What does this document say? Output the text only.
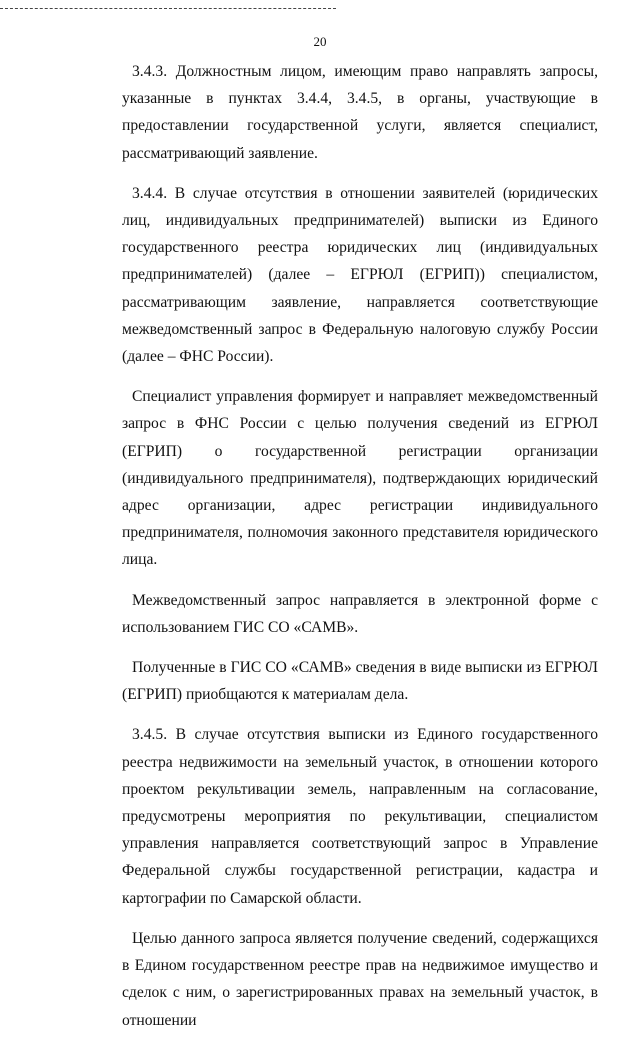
20

3.4.3. Должностным лицом, имеющим право направлять запросы, указанные в пунктах 3.4.4, 3.4.5, в органы, участвующие в предоставлении государственной услуги, является специалист, рассматривающий заявление.

3.4.4. В случае отсутствия в отношении заявителей (юридических лиц, индивидуальных предпринимателей) выписки из Единого государственного реестра юридических лиц (индивидуальных предпринимателей) (далее – ЕГРЮЛ (ЕГРИП)) специалистом, рассматривающим заявление, направляется соответствующие межведомственный запрос в Федеральную налоговую службу России (далее – ФНС России).

Специалист управления формирует и направляет межведомственный запрос в ФНС России с целью получения сведений из ЕГРЮЛ (ЕГРИП) о государственной регистрации организации (индивидуального предпринимателя), подтверждающих юридический адрес организации, адрес регистрации индивидуального предпринимателя, полномочия законного представителя юридического лица.

Межведомственный запрос направляется в электронной форме с использованием ГИС СО «САМВ».

Полученные в ГИС СО «САМВ» сведения в виде выписки из ЕГРЮЛ (ЕГРИП) приобщаются к материалам дела.

3.4.5. В случае отсутствия выписки из Единого государственного реестра недвижимости на земельный участок, в отношении которого проектом рекультивации земель, направленным на согласование, предусмотрены мероприятия по рекультивации, специалистом управления направляется соответствующий запрос в Управление Федеральной службы государственной регистрации, кадастра и картографии по Самарской области.

Целью данного запроса является получение сведений, содержащихся в Едином государственном реестре прав на недвижимое имущество и сделок с ним, о зарегистрированных правах на земельный участок, в отношении
